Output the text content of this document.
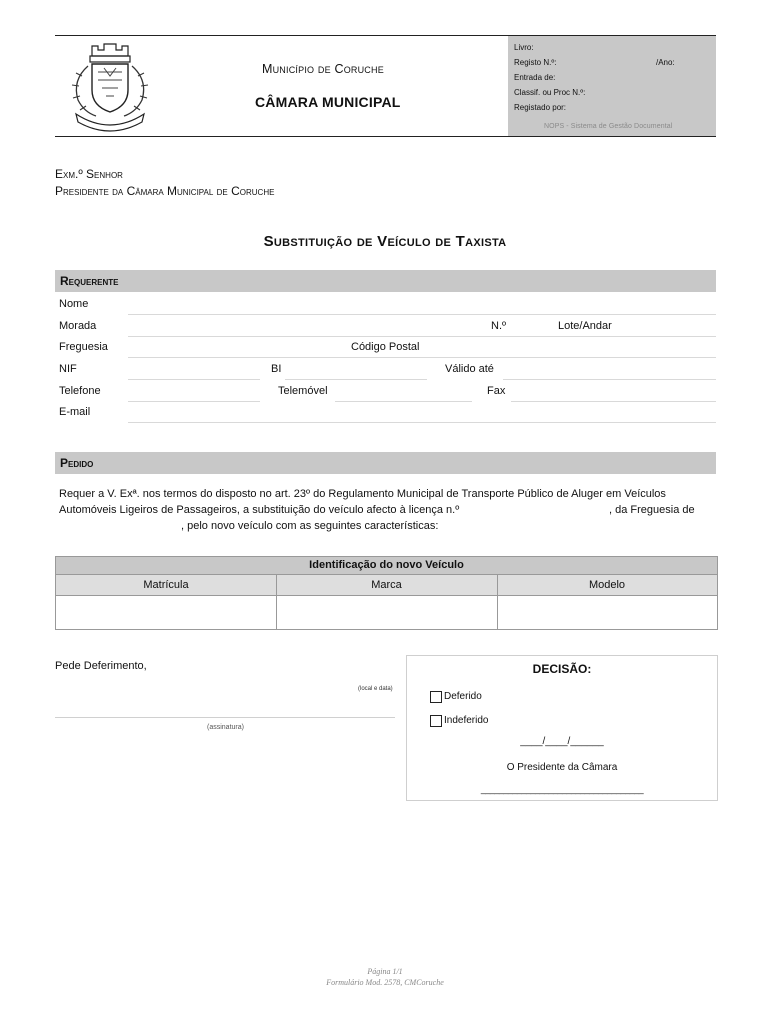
Município de Coruche
CÂMARA MUNICIPAL
Livro:
Registo N.º:	/Ano:
Entrada de:
Classif. ou Proc N.º:
Registado por:
NOPS - Sistema de Gestão Documental
Exm.º Senhor
Presidente da Câmara Municipal de Coruche
Substituição de Veículo de Taxista
Requerente
Nome
Morada	N.º	Lote/Andar
Freguesia	Código Postal
NIF	BI	Válido até
Telefone	Telemóvel	Fax
E-mail
Pedido
Requer a V. Exª. nos termos do disposto no art. 23º do Regulamento Municipal de Transporte Público de Aluger em Veículos
Automóveis Ligeiros de Passageiros, a substituição do veículo afecto à licença n.º	, da Freguesia de
, pelo novo veículo com as seguintes características:
Identificação do novo Veículo
Matrícula	Marca	Modelo
Pede Deferimento,
(local e data)
(assinatura)
DECISÃO:
Deferido
Indeferido
____/____/______
O Presidente da Câmara
____________________________________
Página 1/1
Formulário Mod. 2578, CMCoruche
